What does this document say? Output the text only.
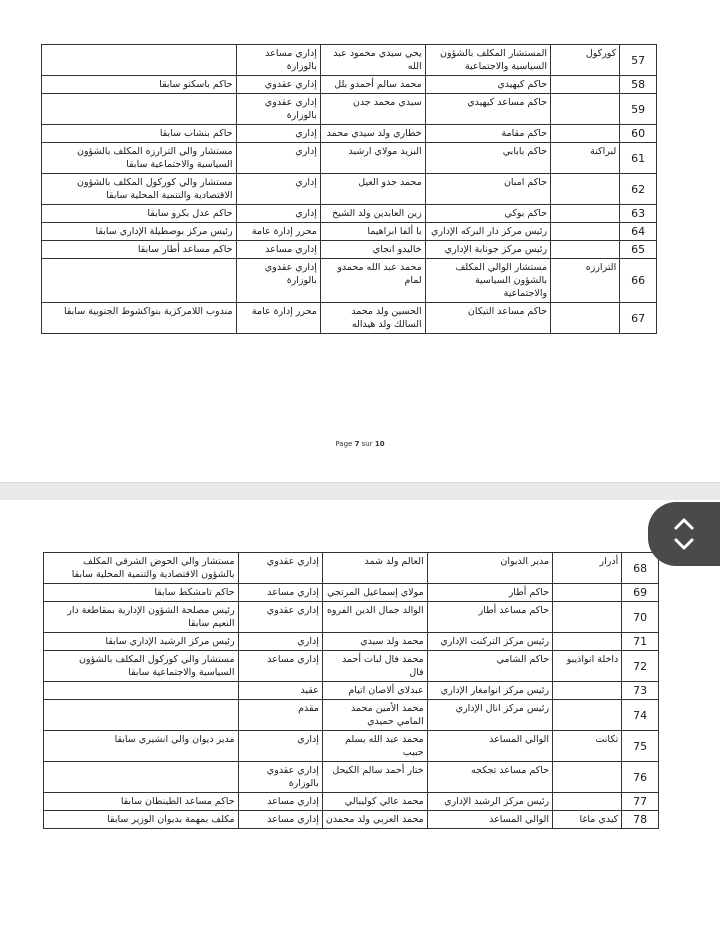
	إداري مساعد بالوزارة	يحي سيدي محمود عبد الله	المستشار المكلف بالشؤون السياسية والاجتماعية	كوركول	57
حاكم باسكنو سابقا	إداري عقدوي	محمد سالم أحمدو بلل	حاكم كيهيدي		58
	إداري عقدوي بالوزارة	سيدي محمد جدن	حاكم مساعد كيهيدي		59
حاكم بنشاب سابقا	إداري	خطاري ولد سيدي محمد	حاكم مقامة		60
مستشار والي الترارزه المكلف بالشؤون السياسية والاجتماعية سابقا	إداري	البزيد مولاي ارشيد	حاكم بابابي	لبراكنة	61
مستشار والي كوركول المكلف بالشؤون الاقتصادية والتنمية المحلية سابقا	إداري	محمد جدو العيل	حاكم امبان		62
حاكم عدل بكرو سابقا	إداري	زين العابدين ولد الشيخ	حاكم بوكي		63
رئيس مركز بوصطيلة الإداري سابقا	محرر إدارة عامة	با ألفا ابراهيما	رئيس مركز دار البركه الإداري		64
حاكم مساعد أطار سابقا	إداري مساعد	خاليدو انجاي	رئيس مركز جونابة الإداري		65
	إداري عقدوي بالوزارة	محمد عبد الله محمدو لمام	مستشار الوالي المكلف بالشؤون السياسية والاجتماعية	الترارزه	66
مندوب اللامركزية بنواكشوط الجنوبية سابقا	محرر إدارة عامة	الحسين ولد محمد السالك ولد هيداله	حاكم مساعد التيكان		67
Page 7 sur 10
مستشار والي الحوض الشرقي المكلف بالشؤون الاقتصادية والتنمية المحلية سابقا	إداري عقدوي	العالم ولد شمد	مدير الديوان	أدرار	68
حاكم تامشكط سابقا	إداري مساعد	مولاي إسماعيل المرتجي	حاكم أطار		69
رئيس مصلحة الشؤون الإدارية بمقاطعة دار النعيم سابقا	إداري عقدوي	الوالد جمال الدين الفروه	حاكم مساعد أطار		70
رئيس مركز الرشيد الإداري سابقا	إداري	محمد ولد سيدي	رئيس مركز التركنت الإداري		71
مستشار والي كوركول المكلف بالشؤون السياسية والاجتماعية سابقا	إداري مساعد	محمد فال لبات أحمد فال	حاكم الشامي	داخلة انواذيبو	72
	عقيد	عبدلاي ألاصان اتيام	رئيس مركز انوامغار الإداري		73
	مقدم	محمد الأمين محمد المامي حميدي	رئيس مركز انال الإداري		74
مدير ديوان والي انشيري سابقا	إداري	محمد عبد الله يسلم حبيب	الوالي المساعد	تكانت	75
	إداري عقدوي بالوزارة	ختار أحمد سالم الكيحل	حاكم مساعد تجكجه		76
حاكم مساعد الطينطان سابقا	إداري مساعد	محمد عالي كوليبالي	رئيس مركز الرشيد الإداري		77
مكلف بمهمة بديوان الوزير سابقا	إداري مساعد	محمد العربي ولد محمدن	الوالي المساعد	كيدي ماغا	78
